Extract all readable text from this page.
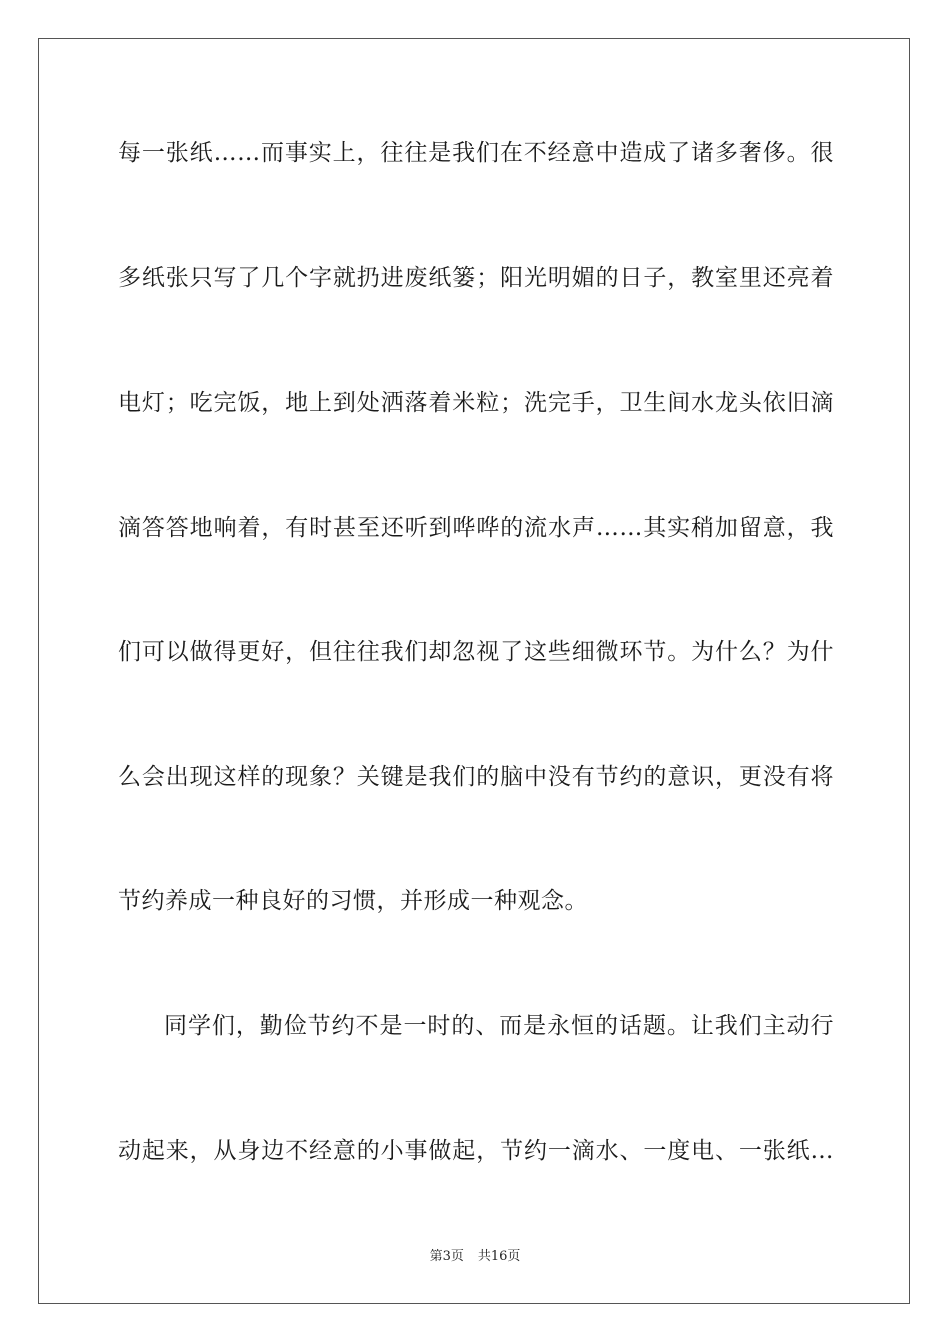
每一张纸……而事实上，往往是我们在不经意中造成了诸多奢侈。很
多纸张只写了几个字就扔进废纸篓；阳光明媚的日子，教室里还亮着
电灯；吃完饭，地上到处洒落着米粒；洗完手，卫生间水龙头依旧滴
滴答答地响着，有时甚至还听到哗哗的流水声……其实稍加留意，我
们可以做得更好，但往往我们却忽视了这些细微环节。为什么？为什
么会出现这样的现象？关键是我们的脑中没有节约的意识，更没有将
节约养成一种良好的习惯，并形成一种观念。
同学们，勤俭节约不是一时的、而是永恒的话题。让我们主动行
动起来，从身边不经意的小事做起，节约一滴水、一度电、一张纸…
第3页 共16页
